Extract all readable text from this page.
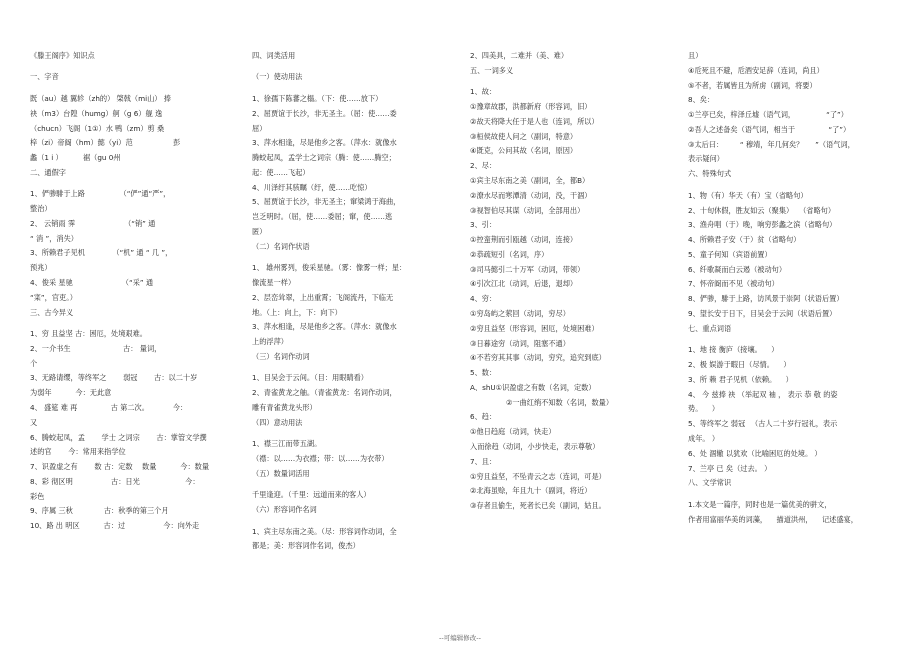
《滕王阁序》知识点
一、字音
既（au）越 翼轸（zh的） 棨戟（mi山） 捧
袂（m3）台隍（humg）舸（g 6）舰 逸
（chucn）飞阁（1①）水 鸭（zm）剪 桑
梓（zi）帝阍（hm）懿（yi）范 　　　　　 彭
蠡（1 i ）　　　 裾（gu 0州
二、通假字
1、俨骖騑于上路 　　　　　（“俨”通“严”，
整治）
2、 云销雨 霁 　　　　　　　（“销” 通
“ 消 ”，消失）
3、所赖君子见机 　　　　（“机” 通 “ 几 ”，
预兆）
4、俊采 星驰 　　　　　　　（“采” 通
“寀”，官吏。）
三、古今异义
1、穷 且益坚 古：困厄，处境艰难。
2、一介书生 　　　　　　　古： 量词，
个
3、无路请缨，等终军之 　　弱冠 　　古：以二十岁
为弱年 　　　今：无此意
4、 盛筵 难 再 　　　　 古 第二次。 　　　今：
又
6、腾蛟起凤，孟 　　学士 之词宗 　　古：掌管文学撰
述的官 　　今：常用来指学位
7、识盈虚之有 　　数 古：定数 　数量 　　　今：数量
8、彩 彻区明 　　　　　古：日光 　　　　　　今：
彩色
9、序属 三秋 　　　　古：秋季的第三个月
10、路 出 明区 　　　古：过 　　　　　今：向外走
四、词类活用
（一）使动用法
1、徐孺下陈蕃之榻。（下：使……放下）
2、屈贾谊于长沙，非无圣主。（屈：使……委
屈）
3、萍水相逢，尽是他乡之客。（萍水：就像水
腾蛟起凤，孟学士之词宗（腾：使……腾空；
起：使……飞起）
4、川泽纡其骇瞩（纡，使……吃惊）
5、屈贾谊于长沙，非无圣主；窜梁鸿于海曲，
岂乏明时。（屈，使……委屈；窜，使……逃
匿）
（二）名词作状语
1、 雄州雾列，俊采星驰。（雾：像雾一样；星：
像流星一样）
2、层峦耸翠，上出重霄；飞阁流丹，下临无
地。（上：向上，下：向下）
3、萍水相逢，尽是他乡之客。（萍水：就像水
上的浮萍）
（三）名词作动词
1、目吴会于云间。（目：用眼睛看）
2、青雀黄龙之舳。（青雀黄龙：名词作动词，
雕有青雀黄龙头形）
（四）意动用法
1、襟三江而带五湖。
（襟：以……为衣襟；带：以……为衣带）
（五）数量词活用
千里逢迎。（千里：远道而来的客人）
（六）形容词作名词
1、宾主尽东南之美。（尽：形容词作动词，全
都是；美：形容词作名词，俊杰）
2、四美具，二难并（美、难）
五、一词多义
1、故：
①豫章故郡，洪都新府（形容词，旧）
②故天将降大任于是人也（连词，所以）
③桓侯故使人问之（副词，特意）
④既克，公问其故（名词，原因）
2、尽：
①宾主尽东南之美（副词，全，都B）
②潦水尽而寒潭清（动词，没，干涸）
③视智伯尽其谋（动词，全部用出）
3、引：
①控蛮荆而引瓯越（动词，连接）
②恭疏短引（名词，序）
③司马懿引二十万军（动词，带领）
④引次江北（动词，后退，退却）
4、穷：
①穷岛屿之萦回（动词，穷尽）
②穷且益坚（形容词，困厄，处境困难）
③日暮途穷（动词，阻塞不通）
④不若穷其其事（动词，穷究，追究到底）
5、数：
A、shU①识盈虚之有数（名词，定数）
　　　　　②一曲红绡不知数（名词，数量）
6、趋：
①他日趋庭（动词，快走）
入而徐趋（动词，小步快走，表示尊敬）
7、且：
①穷且益坚，不坠青云之志（连词，可是）
②北海虽赊，年且九十（副词，将近）
③存者且偷生，死者长已矣（副词，姑且。
且）
④卮死且不避，卮酒安足辞（连词，尚且）
⑤不者，若属皆且为所虏（副词，将要）
8、矣：
①兰亭已矣，梓泽丘墟（语气词， 　　　　“了”）
②吾人之述备矣（语气词，相当于 　　　　 “了”）
③太后曰： 　　“ 穆靖，年几何矣？ 　 ”（语气词，
表示疑问）
六、特殊句式
1、物（有）华天（有）宝（省略句）
2、十旬休假，胜友如云（聚集） 　（省略句）
3、渔舟唱（于）晚，响穷彭蠡之滨（省略句）
4、所赖君子安（于）贫（省略句）
5、童子何知（宾语前置）
6、纤歌凝而白云遏（被动句）
7、怀帝阍而不见（被动句）
8、俨骖，騑于上路，访风景于崇阿（状语后置）
9、望长安于日下，目吴会于云间（状语后置）
七、重点词语
1、地 接 衡庐（接壤。 　）
2、极 娱游于暇日（尽情。 　）
3、所 赖 君子见机（依赖。 　）
4、 今 兹捧 袂 （举起双 袖 ， 表示 恭 敬 的姿
势。 　）
5、等终军之 弱冠 　（古人二十岁行冠礼，表示
成年。 ）
6、处 涸辙 以犹欢（比喻困厄的处境。 ）
7、兰亭 已 矣（过去。 ）
八、文学常识
1.本文是一篇序，同时也是一篇优美的骈文，
作者用富丽华美的词藻， 　描道洪州， 　记述盛宴，
--可编辑修改--
